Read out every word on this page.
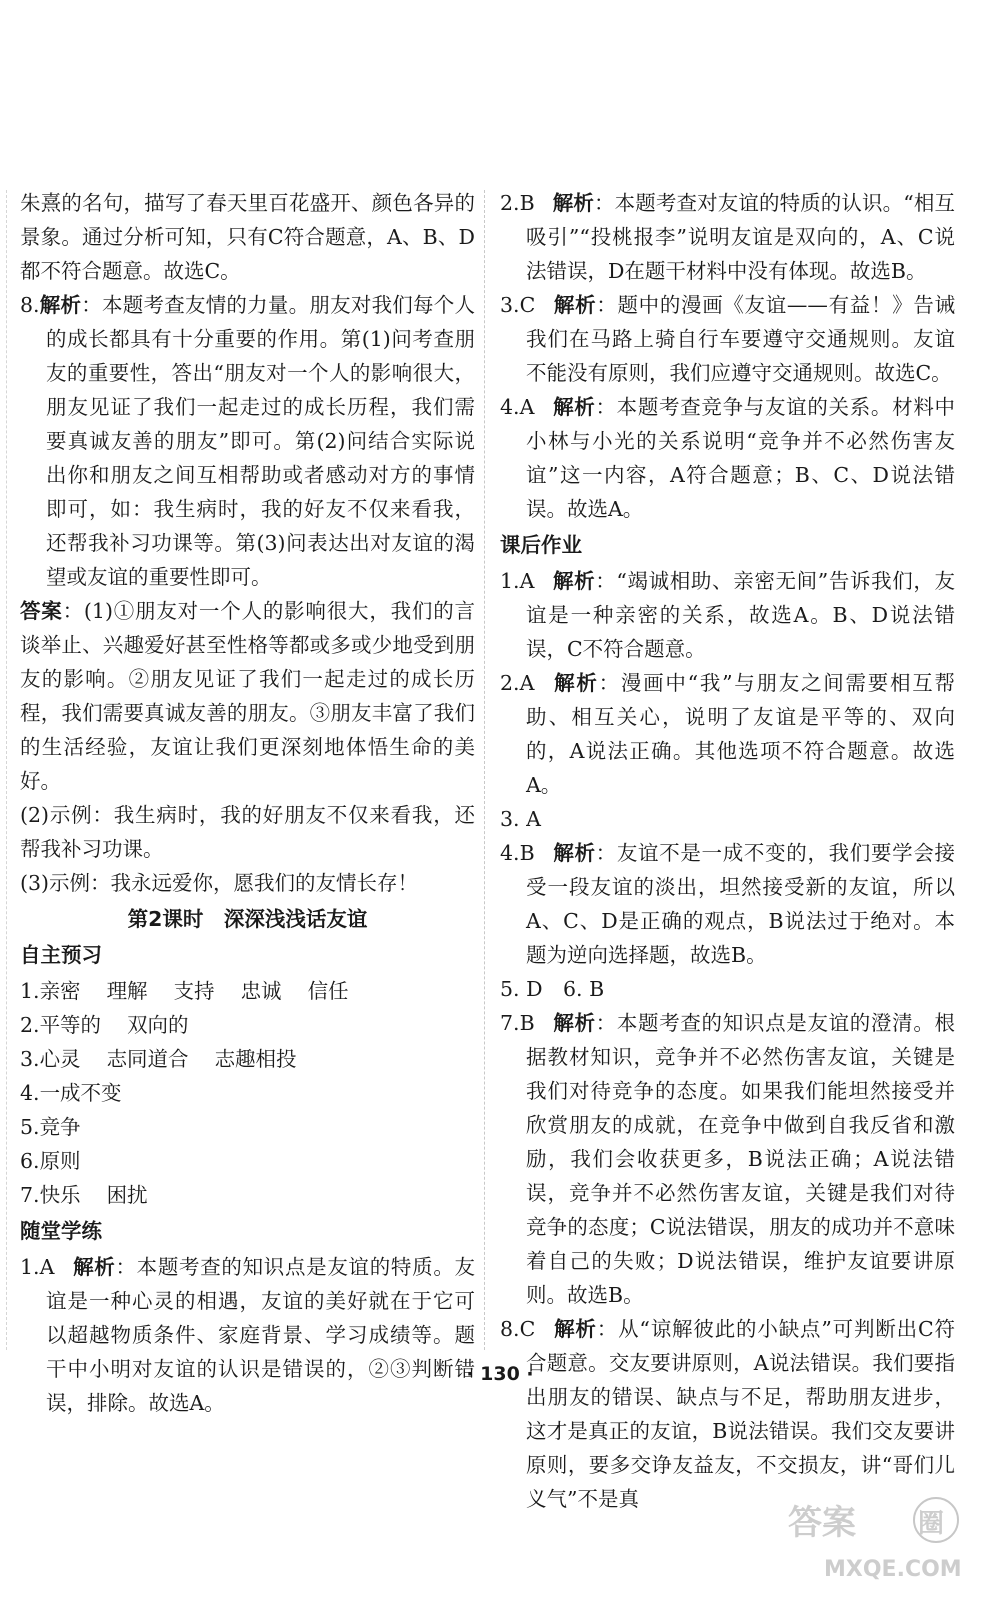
朱熹的名句，描写了春天里百花盛开、颜色各异的景象。通过分析可知，只有C符合题意，A、B、D都不符合题意。故选C。

8.解析：本题考查友情的力量。朋友对我们每个人的成长都具有十分重要的作用。第(1)问考查朋友的重要性，答出“朋友对一个人的影响很大，朋友见证了我们一起走过的成长历程，我们需要真诚友善的朋友”即可。第(2)问结合实际说出你和朋友之间互相帮助或者感动对方的事情即可，如：我生病时，我的好友不仅来看我，还帮我补习功课等。第(3)问表达出对友谊的渴望或友谊的重要性即可。

答案：(1)①朋友对一个人的影响很大，我们的言谈举止、兴趣爱好甚至性格等都或多或少地受到朋友的影响。②朋友见证了我们一起走过的成长历程，我们需要真诚友善的朋友。③朋友丰富了我们的生活经验，友谊让我们更深刻地体悟生命的美好。

(2)示例：我生病时，我的好朋友不仅来看我，还帮我补习功课。

(3)示例：我永远爱你，愿我们的友情长存！

第2课时　深深浅浅话友谊

自主预习

1.亲密 理解 支持 忠诚 信任

2.平等的 双向的

3.心灵 志同道合 志趣相投

4.一成不变

5.竞争

6.原则

7.快乐 困扰

随堂学练

1.A 解析：本题考查的知识点是友谊的特质。友谊是一种心灵的相遇，友谊的美好就在于它可以超越物质条件、家庭背景、学习成绩等。题干中小明对友谊的认识是错误的，②③判断错误，排除。故选A。

2.B 解析：本题考查对友谊的特质的认识。“相互吸引”“投桃报李”说明友谊是双向的，A、C说法错误，D在题干材料中没有体现。故选B。

3.C 解析：题中的漫画《友谊——有益！》告诫我们在马路上骑自行车要遵守交通规则。友谊不能没有原则，我们应遵守交通规则。故选C。

4.A 解析：本题考查竞争与友谊的关系。材料中小林与小光的关系说明“竞争并不必然伤害友谊”这一内容，A符合题意；B、C、D说法错误。故选A。

课后作业

1.A 解析：“竭诚相助、亲密无间”告诉我们，友谊是一种亲密的关系，故选A。B、D说法错误，C不符合题意。

2.A 解析：漫画中“我”与朋友之间需要相互帮助、相互关心，说明了友谊是平等的、双向的，A说法正确。其他选项不符合题意。故选A。

3. A

4.B 解析：友谊不是一成不变的，我们要学会接受一段友谊的淡出，坦然接受新的友谊，所以A、C、D是正确的观点，B说法过于绝对。本题为逆向选择题，故选B。

5. D　6. B

7.B 解析：本题考查的知识点是友谊的澄清。根据教材知识，竞争并不必然伤害友谊，关键是我们对待竞争的态度。如果我们能坦然接受并欣赏朋友的成就，在竞争中做到自我反省和激励，我们会收获更多，B说法正确；A说法错误，竞争并不必然伤害友谊，关键是我们对待竞争的态度；C说法错误，朋友的成功并不意味着自己的失败；D说法错误，维护友谊要讲原则。故选B。

8.C 解析：从“谅解彼此的小缺点”可判断出C符合题意。交友要讲原则，A说法错误。我们要指出朋友的错误、缺点与不足，帮助朋友进步，这才是真正的友谊，B说法错误。我们交友要讲原则，要多交诤友益友，不交损友，讲“哥们儿义气”不是真

· 130 ·
答案 圈
MXQE.COM
